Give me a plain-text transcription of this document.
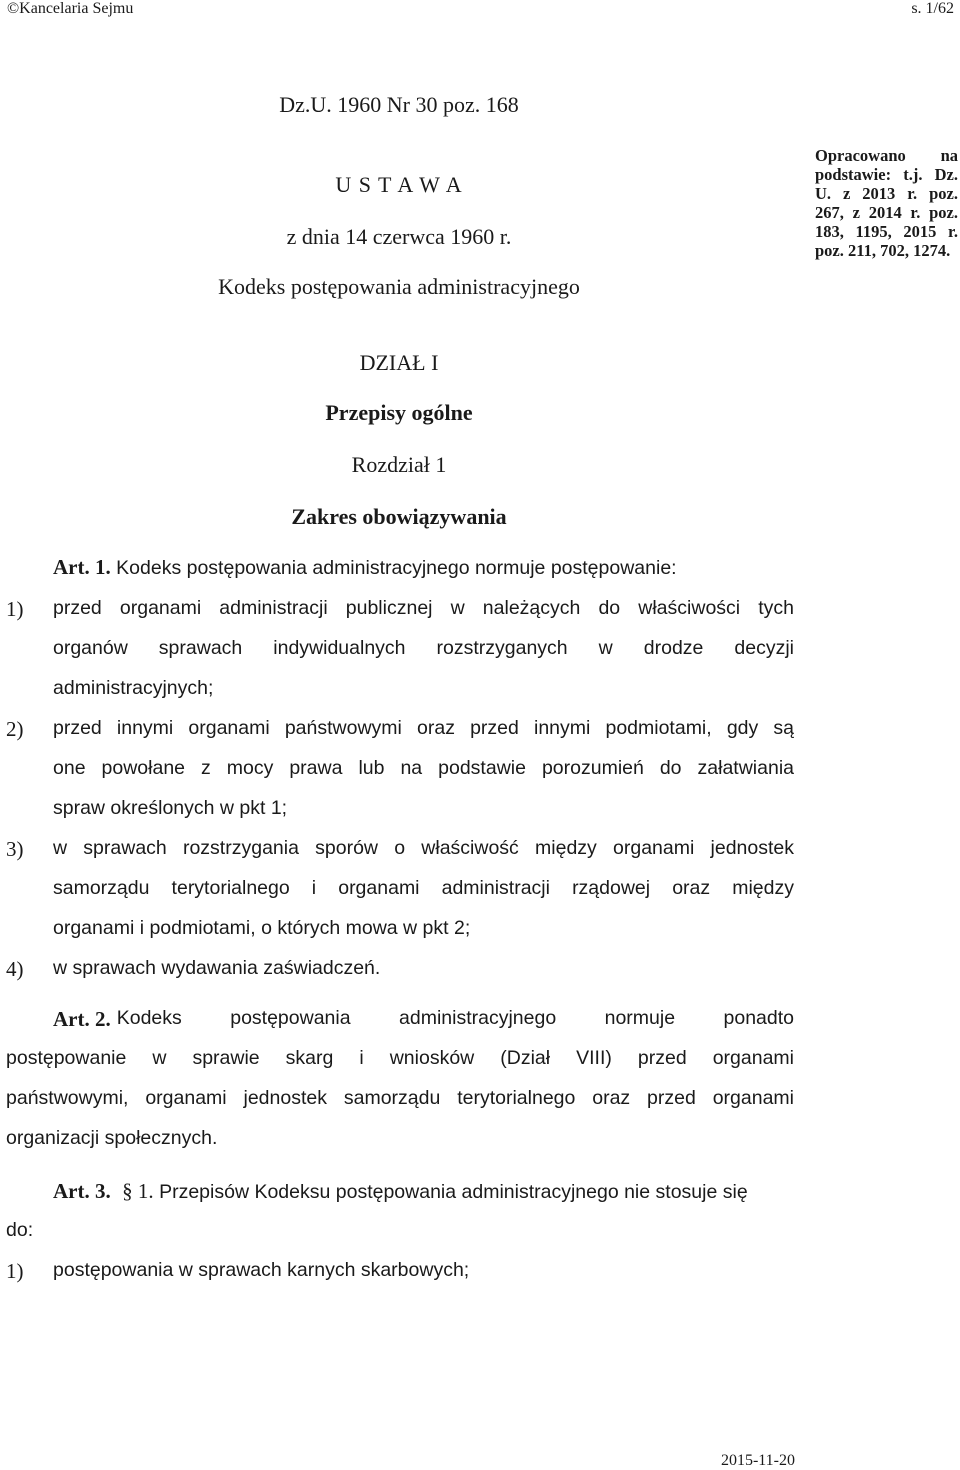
©Kancelaria Sejmu	s. 1/62
Dz.U. 1960 Nr 30 poz. 168
U S T A W A
z dnia 14 czerwca 1960 r.
Kodeks postępowania administracyjnego
Opracowano na podstawie: t.j. Dz. U. z 2013 r. poz. 267, z 2014 r. poz. 183, 1195, 2015 r. poz. 211, 702, 1274.
DZIAŁ I
Przepisy ogólne
Rozdział 1
Zakres obowiązywania
Art. 1. Kodeks postępowania administracyjnego normuje postępowanie:
1) przed organami administracji publicznej w należących do właściwości tych
organów sprawach indywidualnych rozstrzyganych w drodze decyzji
administracyjnych;
2) przed innymi organami państwowymi oraz przed innymi podmiotami, gdy są
one powołane z mocy prawa lub na podstawie porozumień do załatwiania
spraw określonych w pkt 1;
3) w sprawach rozstrzygania sporów o właściwość między organami jednostek
samorządu terytorialnego i organami administracji rządowej oraz między
organami i podmiotami, o których mowa w pkt 2;
4) w sprawach wydawania zaświadczeń.
Art. 2. Kodeks postępowania administracyjnego normuje ponadto
postępowanie w sprawie skarg i wniosków (Dział VIII) przed organami
państwowymi, organami jednostek samorządu terytorialnego oraz przed organami
organizacji społecznych.
Art. 3. § 1. Przepisów Kodeksu postępowania administracyjnego nie stosuje się
do:
1) postępowania w sprawach karnych skarbowych;
2015-11-20
